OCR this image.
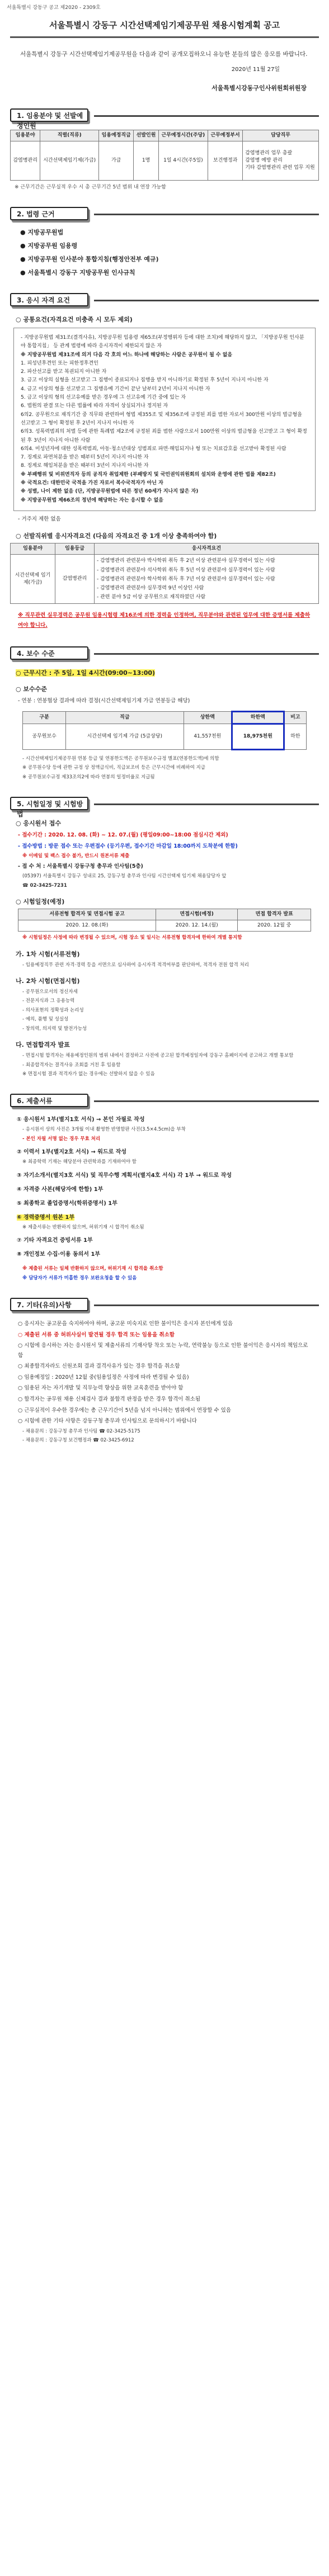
서울특별시 강동구 공고 제2020 - 2309호
서울특별시 강동구 시간선택제임기제공무원 채용시험계획 공고

서울특별시 강동구 시간선택제임기제공무원을 다음과 같이 공개모집하오니 유능한 분들의 많은 응모를 바랍니다.

2020년 11월 27일
서울특별시강동구인사위원회위원장
1. 임용분야 및 선발예정인원
임용분야	직렬(직류)	임용예정직급	선발인원	근무예정시간(주당)	근무예정부서	담당직무
감염병관리	시간선택제임기제(가급)	가급	1명	1일 4시간(주5일)	보건행정과	감염병관리 업무 총괄
감염병 예방 관리
기타 감염병관리 관련 업무 지원
※ 근무기간은 근무실적 우수 시 총 근무기간 5년 범위 내 연장 가능함
2. 법령 근거
● 지방공무원법
● 지방공무원 임용령
● 지방공무원 인사분야 통합지침(행정안전부 예규)
● 서울특별시 강동구 지방공무원 인사규칙
3. 응시 자격 요건
○ 공통요건(자격요건 미충족 시 모두 제외)
- 지방공무원법 제31조(결격사유), 지방공무원 임용령 제65조(부정행위자 등에 대한 조치)에 해당하지 않고, 「지방공무원 인사분야 통합지침」 등 관계 법령에 따라 응시자격이 제한되지 않은 자
※ 지방공무원법 제31조에 의거 다음 각 호의 어느 하나에 해당하는 사람은 공무원이 될 수 없음
1. 피성년후견인 또는 피한정후견인
2. 파산선고를 받고 복권되지 아니한 자
3. 금고 이상의 실형을 선고받고 그 집행이 종료되거나 집행을 받지 아니하기로 확정된 후 5년이 지나지 아니한 자
4. 금고 이상의 형을 선고받고 그 집행유예 기간이 끝난 날부터 2년이 지나지 아니한 자
5. 금고 이상의 형의 선고유예를 받은 경우에 그 선고유예 기간 중에 있는 자
6. 법원의 판결 또는 다른 법률에 따라 자격이 상실되거나 정지된 자
6의2. 공무원으로 재직기간 중 직무와 관련하여 형법 제355조 및 제356조에 규정된 죄를 범한 자로서 300만원 이상의 벌금형을 선고받고 그 형이 확정된 후 2년이 지나지 아니한 자
6의3. 성폭력범죄의 처벌 등에 관한 특례법 제2조에 규정된 죄를 범한 사람으로서 100만원 이상의 벌금형을 선고받고 그 형이 확정된 후 3년이 지나지 아니한 사람
6의4. 미성년자에 대한 성폭력범죄, 아동·청소년대상 성범죄로 파면·해임되거나 형 또는 치료감호를 선고받아 확정된 사람
7. 징계로 파면처분을 받은 때부터 5년이 지나지 아니한 자
8. 징계로 해임처분을 받은 때부터 3년이 지나지 아니한 자
※ 부패행위 및 비위면직자 등의 공직자 취업제한 (부패방지 및 국민권익위원회의 설치와 운영에 관한 법률 제82조)
※ 국적요건: 대한민국 국적을 가진 자로서 복수국적자가 아닌 자
※ 성별, 나이 제한 없음 (단, 지방공무원법에 따른 정년 60세가 지나지 않은 자)
※ 지방공무원법 제66조의 정년에 해당하는 자는 응시할 수 없음
- 거주지 제한 없음
○ 선발직위별 응시자격요건 (다음의 자격요건 중 1개 이상 충족하여야 함)
임용분야	임용등급	응시자격요건
시간선택제 임기제(가급)	감염병관리	- 감염병관리 관련분야 박사학위 취득 후 2년 이상 관련분야 실무경력이 있는 사람
- 감염병관리 관련분야 석사학위 취득 후 5년 이상 관련분야 실무경력이 있는 사람
- 감염병관리 관련분야 학사학위 취득 후 7년 이상 관련분야 실무경력이 있는 사람
- 감염병관리 관련분야 실무경력 9년 이상인 사람
- 관련 분야 5급 이상 공무원으로 재직하였던 사람
※ 직무관련 실무경력은 공무원 임용시험령 제16조에 의한 경력을 인정하며, 직무분야와 관련된 업무에 대한 증명서를 제출하여야 합니다.
4. 보수 수준
○ 근무시간 : 주 5일, 1일 4시간(09:00~13:00)
○ 보수수준
- 연봉 : 연봉협상 결과에 따라 결정(시간선택제임기제 가급 연봉등급 해당)
구분	직급	상한액	하한액	비고
공무원보수	시간선택제 임기제 가급 (5급상당)	41,557천원	18,975천원	하한
- 시간선택제임기제공무원 연봉 등급 및 연봉한도액은 공무원보수규정 별표(연봉한도액)에 의함
※ 공무원수당 등에 관한 규정 상 정액급식비, 직급보조비 등은 근무시간에 비례하여 지급
※ 공무원보수규정 제33조의2에 따라 연봉의 일정비율로 지급됨
5. 시험일정 및 시험방법
○ 응시원서 접수
- 접수기간 : 2020. 12. 08. (화) ~ 12. 07.(월) (평일09:00~18:00 점심시간 제외)
- 접수방법 : 방문 접수 또는 우편접수 (등기우편, 접수기간 마감일 18:00까지 도착분에 한함)
※ 이메일 및 팩스 접수 불가, 반드시 원본서류 제출
- 접 수 처 : 서울특별시 강동구청 총무과 인사팀(5층)
(05397) 서울특별시 강동구 성내로 25, 강동구청 총무과 인사팀 시간선택제 임기제 채용담당자 앞
☎ 02-3425-7231
○ 시험일정(예정)
서류전형 합격자 및 면접시험 공고	면접시험(예정)	면접 합격자 발표
2020. 12. 08.(화)	2020. 12. 14.(월)	2020. 12월 중
※ 시험일정은 사정에 따라 변경될 수 있으며, 시험 장소 및 일시는 서류전형 합격자에 한하여 개별 통지함
가. 1차 시험(서류전형)
- 임용예정직무 관련 자격·경력 등을 서면으로 심사하여 응시자격 적격여부를 판단하여, 적격자 전원 합격 처리
나. 2차 시험(면접시험)
- 공무원으로서의 정신자세
- 전문지식과 그 응용능력
- 의사표현의 정확성과 논리성
- 예의, 품행 및 성실성
- 창의력, 의지력 및 발전가능성
다. 면접합격자 발표
- 면접시험 합격자는 채용예정인원의 범위 내에서 결정하고 사전에 공고된 합격예정일자에 강동구 홈페이지에 공고하고 개별 통보함
- 최종합격자는 결격사유 조회를 거친 후 임용함
※ 면접시험 결과 적격자가 없는 경우에는 선발하지 않을 수 있음
6. 제출서류
① 응시원서 1부(별지1호 서식) → 본인 자필로 작성
- 응시원서 상의 사진은 3개월 이내 촬영한 반명함판 사진(3.5×4.5cm)을 부착
- 본인 자필 서명 없는 경우 무효 처리
② 이력서 1부(별지2호 서식) → 워드로 작성
※ 최종학력 기재는 해당분야 관련학과를 기재하여야 함
③ 자기소개서(별지3호 서식) 및 직무수행 계획서(별지4호 서식) 각 1부 → 워드로 작성
④ 자격증 사본(해당자에 한함) 1부
⑤ 최종학교 졸업증명서(학위증명서) 1부
⑥ 경력증명서 원본 1부
※ 제출서류는 반환하지 않으며, 허위기재 시 합격이 취소됨
⑦ 기타 자격요건 증빙서류 1부
⑧ 개인정보 수집·이용 동의서 1부
※ 제출된 서류는 일체 반환하지 않으며, 허위기재 시 합격을 취소함
※ 담당자가 서류가 미흡한 경우 보완요청을 할 수 있음
7. 기타(유의)사항
○ 응시자는 공고문을 숙지하여야 하며, 공고문 미숙지로 인한 불이익은 응시자 본인에게 있음
○ 제출된 서류 중 허위사실이 발견될 경우 합격 또는 임용을 취소함
○ 시험에 응시하는 자는 응시원서 및 제출서류의 기재사항 착오 또는 누락, 연락불능 등으로 인한 불이익은 응시자의 책임으로 함
○ 최종합격자라도 신원조회 결과 결격사유가 있는 경우 합격을 취소함
○ 임용예정일 : 2020년 12월 중(임용일정은 사정에 따라 변경될 수 있음)
○ 임용된 자는 자기개발 및 직무능력 향상을 위한 교육훈련을 받아야 함
○ 합격자는 공무원 채용 신체검사 결과 불합격 판정을 받은 경우 합격이 취소됨
○ 근무실적이 우수한 경우에는 총 근무기간이 5년을 넘지 아니하는 범위에서 연장할 수 있음
○ 시험에 관한 기타 사항은 강동구청 총무과 인사팀으로 문의하시기 바랍니다
- 채용문의 : 강동구청 총무과 인사팀 ☎ 02-3425-5175
- 채용문의 : 강동구청 보건행정과 ☎ 02-3425-6912
